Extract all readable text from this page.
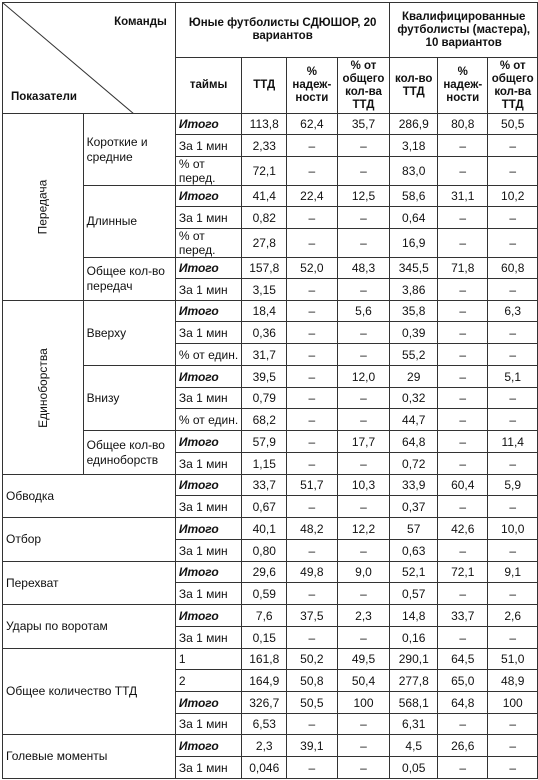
Команды
Показатели		Юные футболисты СДЮШОР, 20 вариантов				Квалифицированные футболисты (мастера), 10 вариантов		
		таймы	ТТД	% надеж-ности	% от общего кол-ва ТТД	кол-во ТТД	% надеж-ности	% от общего кол-ва ТТД
Передача	Короткие и средние	Итого	113,8	62,4	35,7	286,9	80,8	50,5
		За 1 мин	2,33	–	–	3,18	–	–
		% от перед.	72,1	–	–	83,0	–	–
	Длинные	Итого	41,4	22,4	12,5	58,6	31,1	10,2
		За 1 мин	0,82	–	–	0,64	–	–
		% от перед.	27,8	–	–	16,9	–	–
	Общее кол-во передач	Итого	157,8	52,0	48,3	345,5	71,8	60,8
		За 1 мин	3,15	–	–	3,86	–	–
Единоборства	Вверху	Итого	18,4	–	5,6	35,8	–	6,3
		За 1 мин	0,36	–	–	0,39	–	–
		% от един.	31,7	–	–	55,2	–	–
	Внизу	Итого	39,5	–	12,0	29	–	5,1
		За 1 мин	0,79	–	–	0,32	–	–
		% от един.	68,2	–	–	44,7	–	–
	Общее кол-во единоборств	Итого	57,9	–	17,7	64,8	–	11,4
		За 1 мин	1,15	–	–	0,72	–	–
Обводка		Итого	33,7	51,7	10,3	33,9	60,4	5,9
		За 1 мин	0,67	–	–	0,37	–	–
Отбор		Итого	40,1	48,2	12,2	57	42,6	10,0
		За 1 мин	0,80	–	–	0,63	–	–
Перехват		Итого	29,6	49,8	9,0	52,1	72,1	9,1
		За 1 мин	0,59	–	–	0,57	–	–
Удары по воротам		Итого	7,6	37,5	2,3	14,8	33,7	2,6
		За 1 мин	0,15	–	–	0,16	–	–
Общее количество ТТД		1	161,8	50,2	49,5	290,1	64,5	51,0
		2	164,9	50,8	50,4	277,8	65,0	48,9
		Итого	326,7	50,5	100	568,1	64,8	100
		За 1 мин	6,53	–	–	6,31	–	–
Голевые моменты		Итого	2,3	39,1	–	4,5	26,6	–
		За 1 мин	0,046	–	–	0,05	–	–
